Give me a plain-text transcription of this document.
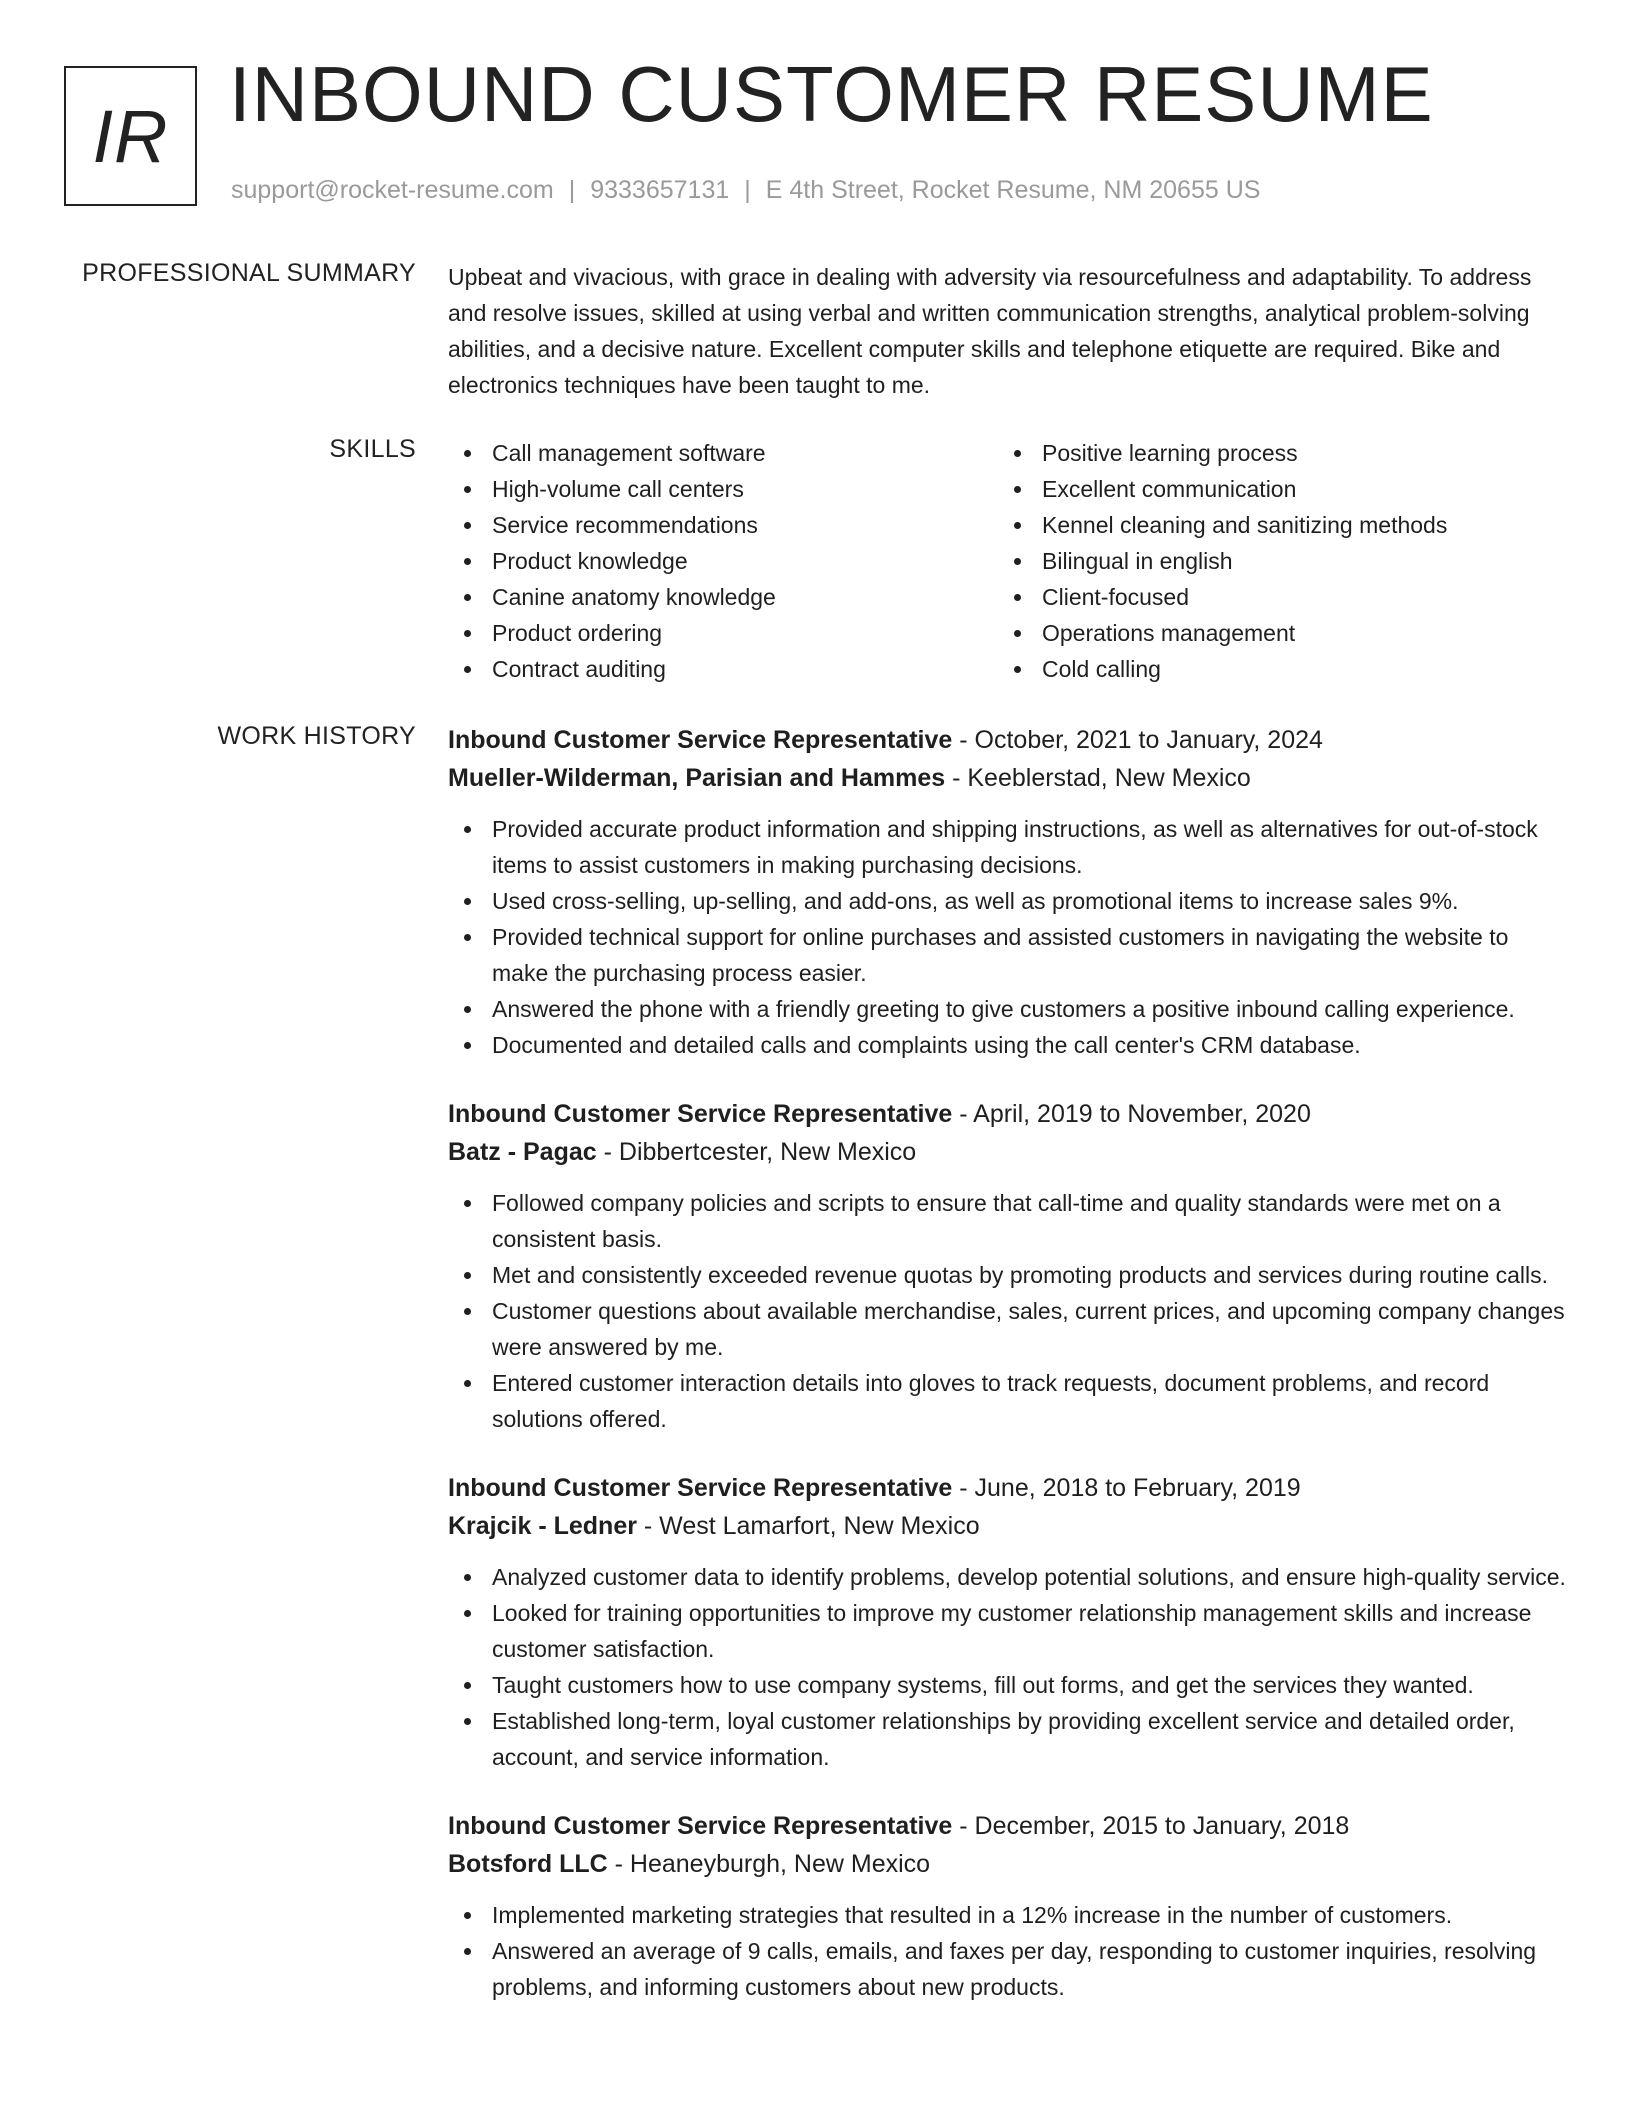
IR INBOUND CUSTOMER RESUME
support@rocket-resume.com | 9333657131 | E 4th Street, Rocket Resume, NM 20655 US
PROFESSIONAL SUMMARY Upbeat and vivacious, with grace in dealing with adversity via resourcefulness and adaptability. To address and resolve issues, skilled at using verbal and written communication strengths, analytical problem-solving abilities, and a decisive nature. Excellent computer skills and telephone etiquette are required. Bike and electronics techniques have been taught to me.

SKILLS	Call management software
High-volume call centers
Service recommendations
Product knowledge
Canine anatomy knowledge
Product ordering
Contract auditing
Positive learning process
Excellent communication
Kennel cleaning and sanitizing methods
Bilingual in english
Client-focused
Operations management
Cold calling
WORK HISTORY Inbound Customer Service Representative - October, 2021 to January, 2024
Mueller-Wilderman, Parisian and Hammes - Keeblerstad, New Mexico
Provided accurate product information and shipping instructions, as well as alternatives for out-of-stock items to assist customers in making purchasing decisions.
Used cross-selling, up-selling, and add-ons, as well as promotional items to increase sales 9%.
Provided technical support for online purchases and assisted customers in navigating the website to make the purchasing process easier.
Answered the phone with a friendly greeting to give customers a positive inbound calling experience.
Documented and detailed calls and complaints using the call center's CRM database.
Inbound Customer Service Representative - April, 2019 to November, 2020
Batz - Pagac - Dibbertcester, New Mexico
Followed company policies and scripts to ensure that call-time and quality standards were met on a consistent basis.
Met and consistently exceeded revenue quotas by promoting products and services during routine calls.
Customer questions about available merchandise, sales, current prices, and upcoming company changes were answered by me.
Entered customer interaction details into gloves to track requests, document problems, and record solutions offered.
Inbound Customer Service Representative - June, 2018 to February, 2019
Krajcik - Ledner - West Lamarfort, New Mexico
Analyzed customer data to identify problems, develop potential solutions, and ensure high-quality service.
Looked for training opportunities to improve my customer relationship management skills and increase customer satisfaction.
Taught customers how to use company systems, fill out forms, and get the services they wanted.
Established long-term, loyal customer relationships by providing excellent service and detailed order, account, and service information.
Inbound Customer Service Representative - December, 2015 to January, 2018
Botsford LLC - Heaneyburgh, New Mexico
Implemented marketing strategies that resulted in a 12% increase in the number of customers.
Answered an average of 9 calls, emails, and faxes per day, responding to customer inquiries, resolving problems, and informing customers about new products.
